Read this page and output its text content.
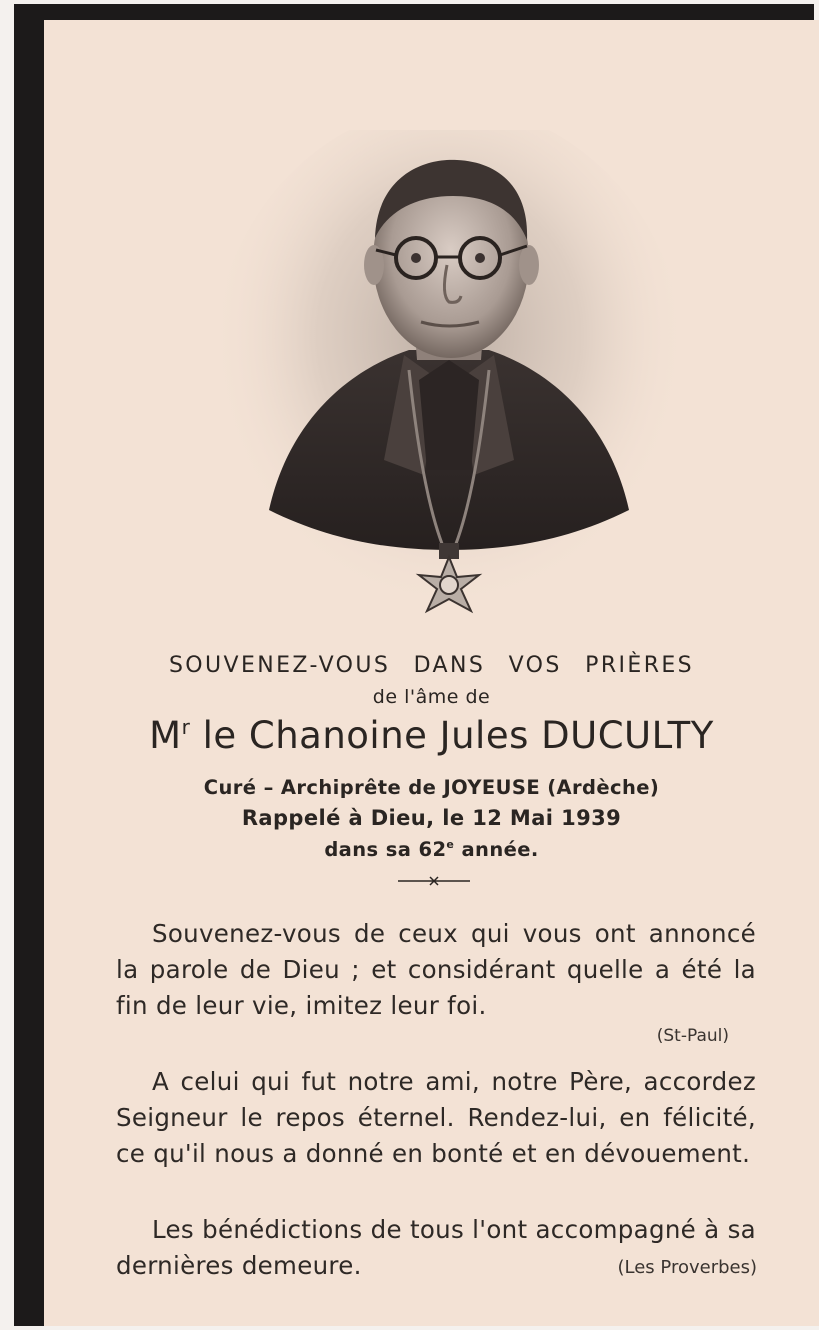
SOUVENEZ-VOUS DANS VOS PRIÈRES
de l'âme de
$M^r$ le Chanoine Jules DUCULTY
Curé – Archiprête de JOYEUSE (Ardèche)
Rappelé à Dieu, le 12 Mai 1939
dans sa 62e année.
Souvenez-vous de ceux qui vous ont annoncé la parole de Dieu ; et considérant quelle a été la fin de leur vie, imitez leur foi.
(St-Paul)
A celui qui fut notre ami, notre Père, accordez Seigneur le repos éternel. Rendez-lui, en félicité, ce qu'il nous a donné en bonté et en dévouement.
Les bénédictions de tous l'ont accompagné à sa dernières demeure.	(Les Proverbes)
